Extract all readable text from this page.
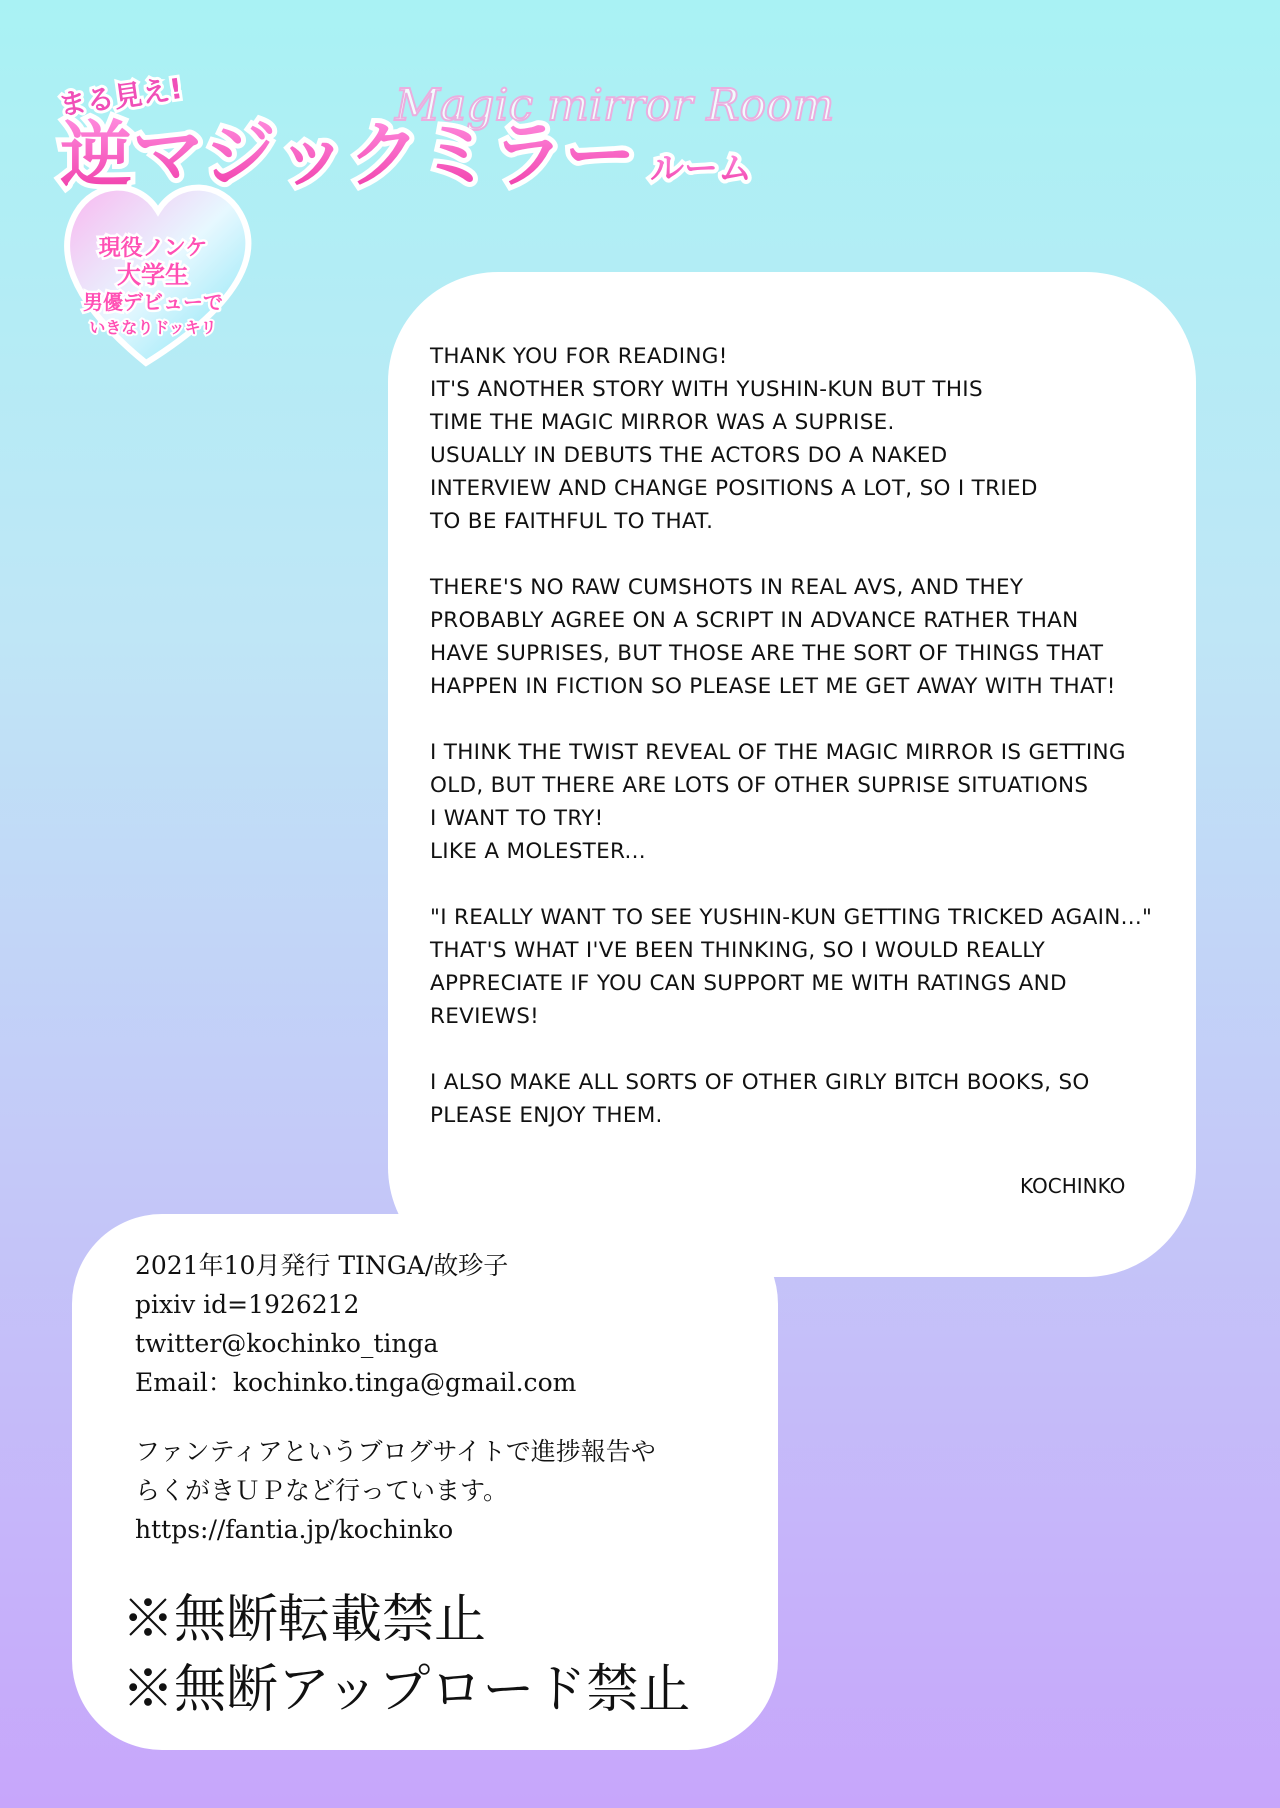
Magic mirror Room
まる見え!
逆マジックミラー ルーム
現役ノンケ
大学生
男優デビューで
いきなりドッキリ

THANK YOU FOR READING!
IT'S ANOTHER STORY WITH YUSHIN-KUN BUT THIS
TIME THE MAGIC MIRROR WAS A SUPRISE.
USUALLY IN DEBUTS THE ACTORS DO A NAKED
INTERVIEW AND CHANGE POSITIONS A LOT, SO I TRIED
TO BE FAITHFUL TO THAT.

THERE'S NO RAW CUMSHOTS IN REAL AVS, AND THEY
PROBABLY AGREE ON A SCRIPT IN ADVANCE RATHER THAN
HAVE SUPRISES, BUT THOSE ARE THE SORT OF THINGS THAT
HAPPEN IN FICTION SO PLEASE LET ME GET AWAY WITH THAT!

I THINK THE TWIST REVEAL OF THE MAGIC MIRROR IS GETTING
OLD, BUT THERE ARE LOTS OF OTHER SUPRISE SITUATIONS
I WANT TO TRY!
LIKE A MOLESTER...

"I REALLY WANT TO SEE YUSHIN-KUN GETTING TRICKED AGAIN..."
THAT'S WHAT I'VE BEEN THINKING, SO I WOULD REALLY
APPRECIATE IF YOU CAN SUPPORT ME WITH RATINGS AND
REVIEWS!

I ALSO MAKE ALL SORTS OF OTHER GIRLY BITCH BOOKS, SO
PLEASE ENJOY THEM.

KOCHINKO
2021年10月発行 TINGA/故珍子
pixiv id=1926212
twitter@kochinko_tinga
Email：kochinko.tinga@gmail.com
ファンティアというブログサイトで進捗報告や
らくがきＵＰなど行っています。
https://fantia.jp/kochinko
※無断転載禁止
※無断アップロード禁止
